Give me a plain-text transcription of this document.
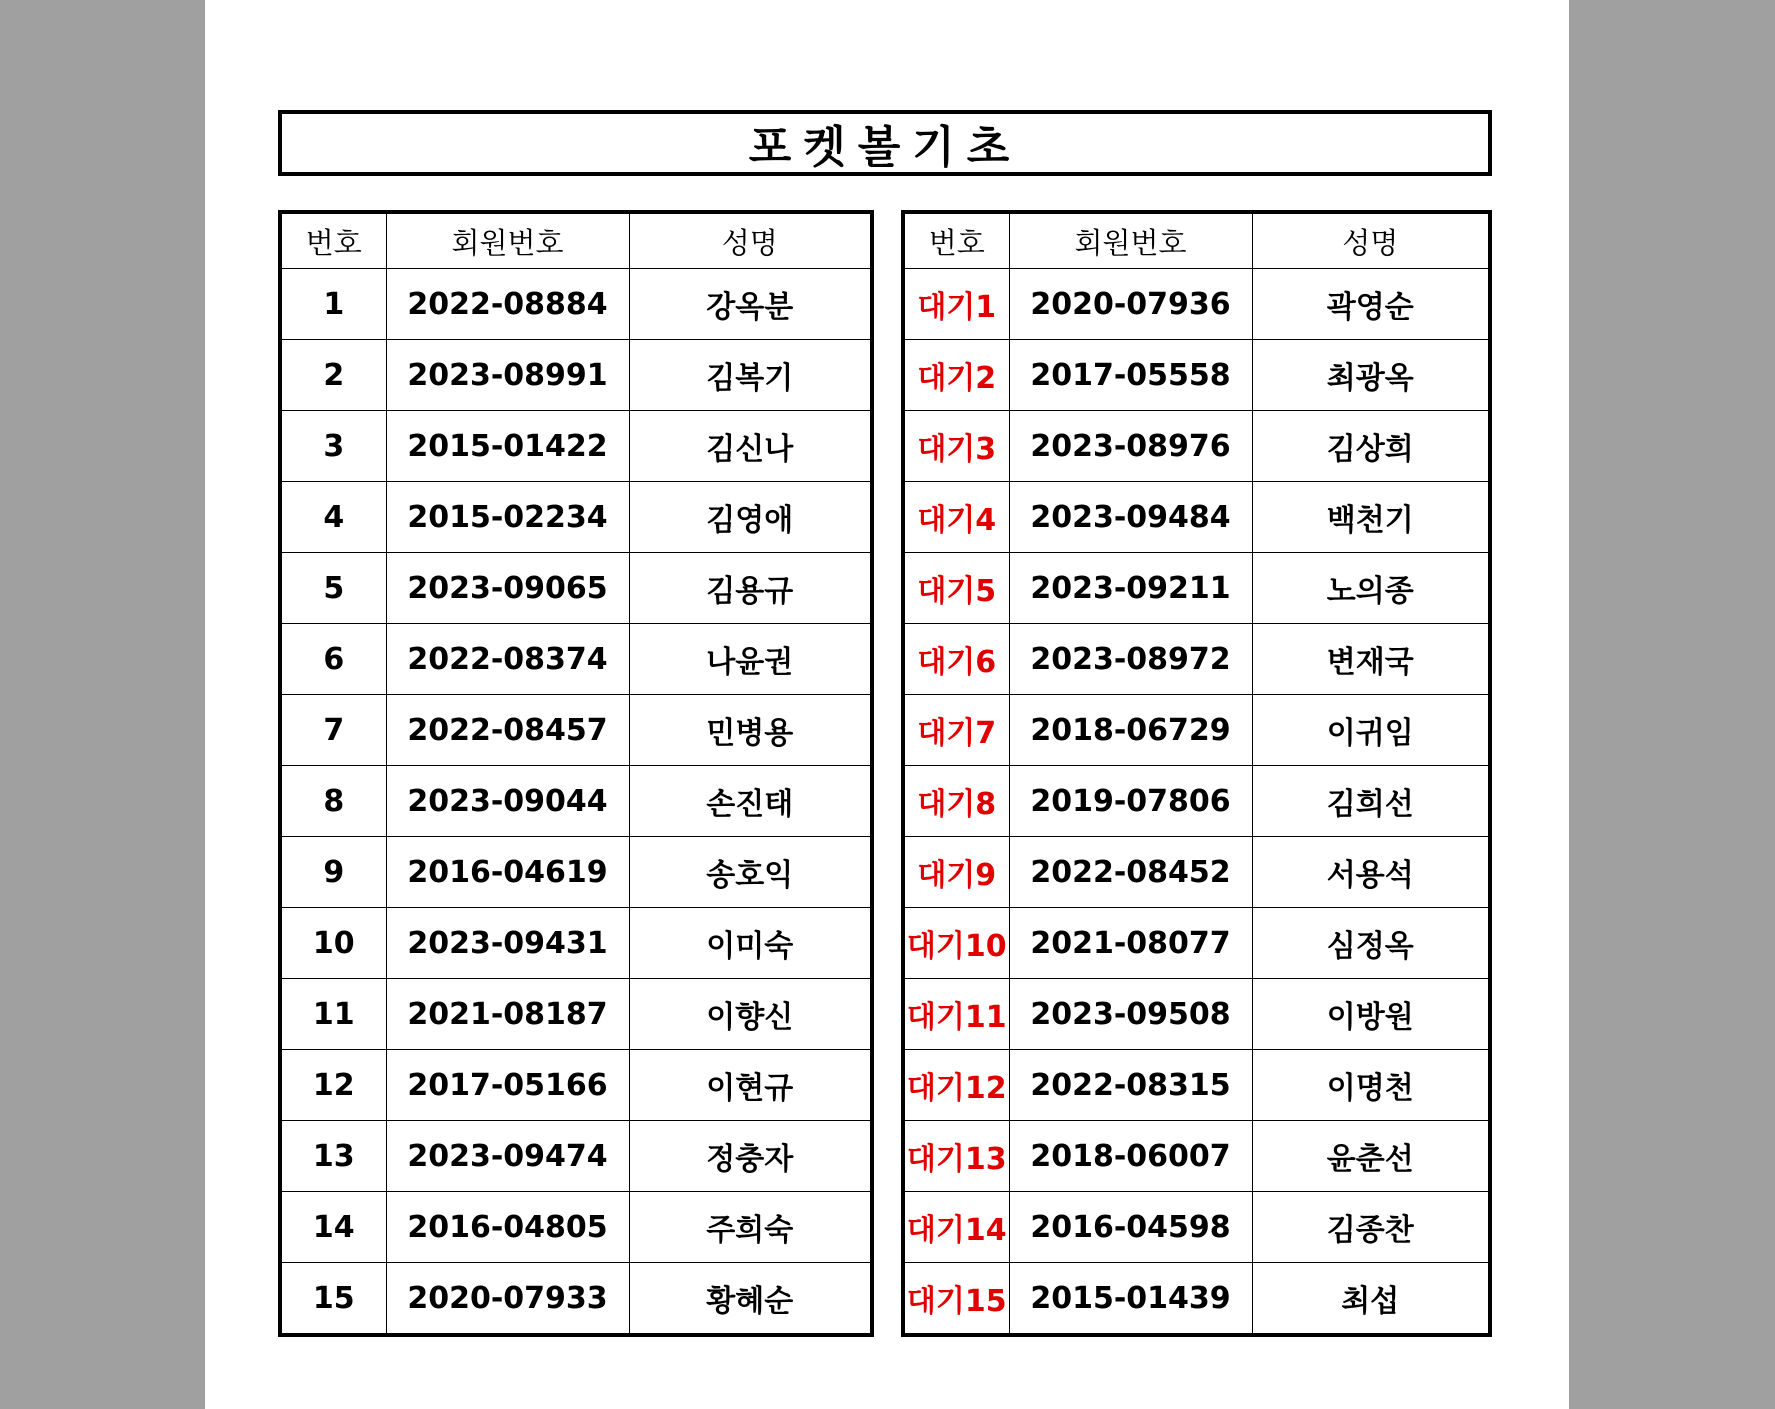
포켓볼기초
번호	회원번호	성명
1	2022-08884	강옥분
2	2023-08991	김복기
3	2015-01422	김신나
4	2015-02234	김영애
5	2023-09065	김용규
6	2022-08374	나윤권
7	2022-08457	민병용
8	2023-09044	손진태
9	2016-04619	송호익
10	2023-09431	이미숙
11	2021-08187	이향신
12	2017-05166	이현규
13	2023-09474	정충자
14	2016-04805	주희숙
15	2020-07933	황혜순
번호	회원번호	성명
대기1	2020-07936	곽영순
대기2	2017-05558	최광옥
대기3	2023-08976	김상희
대기4	2023-09484	백천기
대기5	2023-09211	노의종
대기6	2023-08972	변재국
대기7	2018-06729	이귀임
대기8	2019-07806	김희선
대기9	2022-08452	서용석
대기10	2021-08077	심정옥
대기11	2023-09508	이방원
대기12	2022-08315	이명천
대기13	2018-06007	윤춘선
대기14	2016-04598	김종찬
대기15	2015-01439	최섭
